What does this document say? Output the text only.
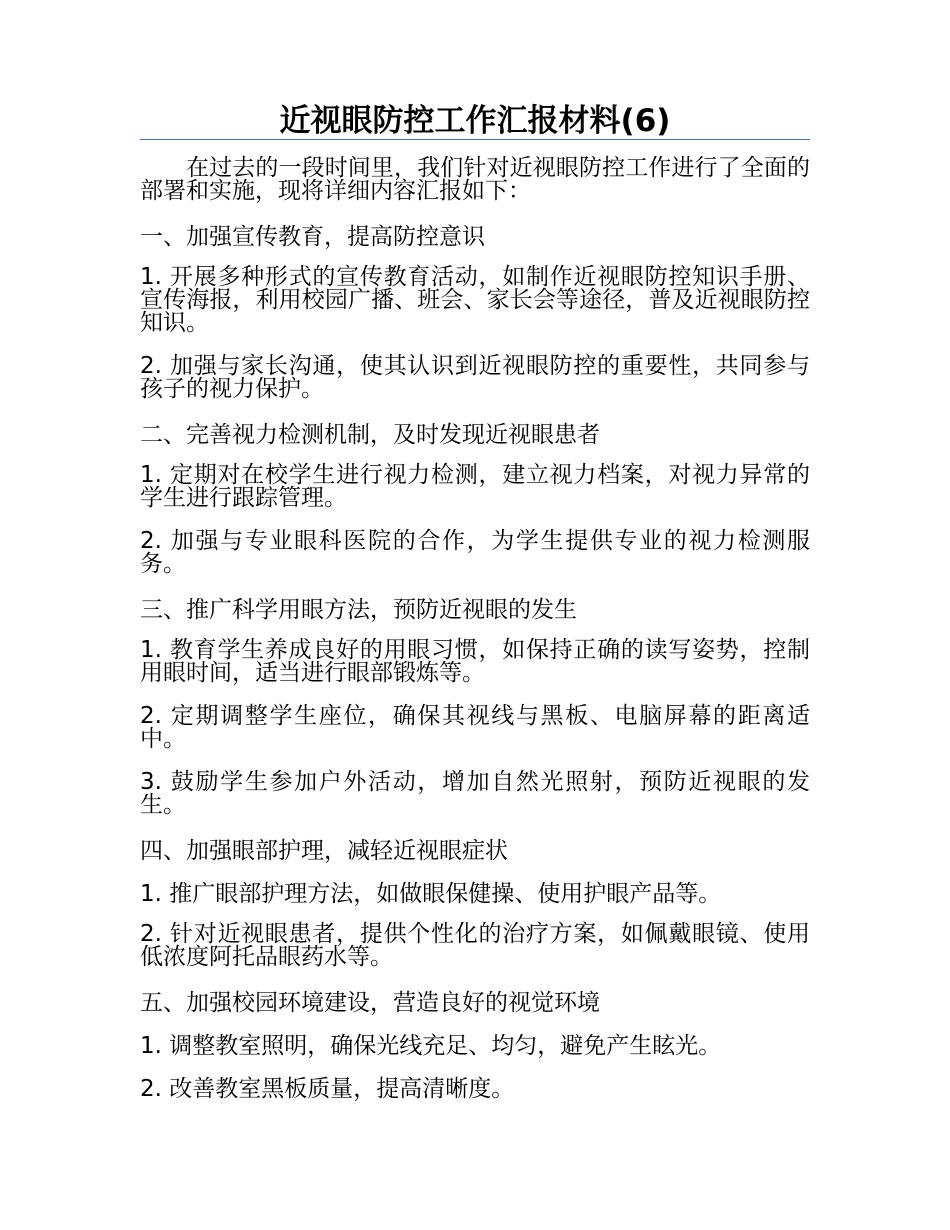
近视眼防控工作汇报材料(6)

在过去的一段时间里，我们针对近视眼防控工作进行了全面的部署和实施，现将详细内容汇报如下：

一、加强宣传教育，提高防控意识

1. 开展多种形式的宣传教育活动，如制作近视眼防控知识手册、宣传海报，利用校园广播、班会、家长会等途径，普及近视眼防控知识。

2. 加强与家长沟通，使其认识到近视眼防控的重要性，共同参与孩子的视力保护。

二、完善视力检测机制，及时发现近视眼患者

1. 定期对在校学生进行视力检测，建立视力档案，对视力异常的学生进行跟踪管理。

2. 加强与专业眼科医院的合作，为学生提供专业的视力检测服务。

三、推广科学用眼方法，预防近视眼的发生

1. 教育学生养成良好的用眼习惯，如保持正确的读写姿势，控制用眼时间，适当进行眼部锻炼等。

2. 定期调整学生座位，确保其视线与黑板、电脑屏幕的距离适中。

3. 鼓励学生参加户外活动，增加自然光照射，预防近视眼的发生。

四、加强眼部护理，减轻近视眼症状

1. 推广眼部护理方法，如做眼保健操、使用护眼产品等。

2. 针对近视眼患者，提供个性化的治疗方案，如佩戴眼镜、使用低浓度阿托品眼药水等。

五、加强校园环境建设，营造良好的视觉环境

1. 调整教室照明，确保光线充足、均匀，避免产生眩光。

2. 改善教室黑板质量，提高清晰度。
